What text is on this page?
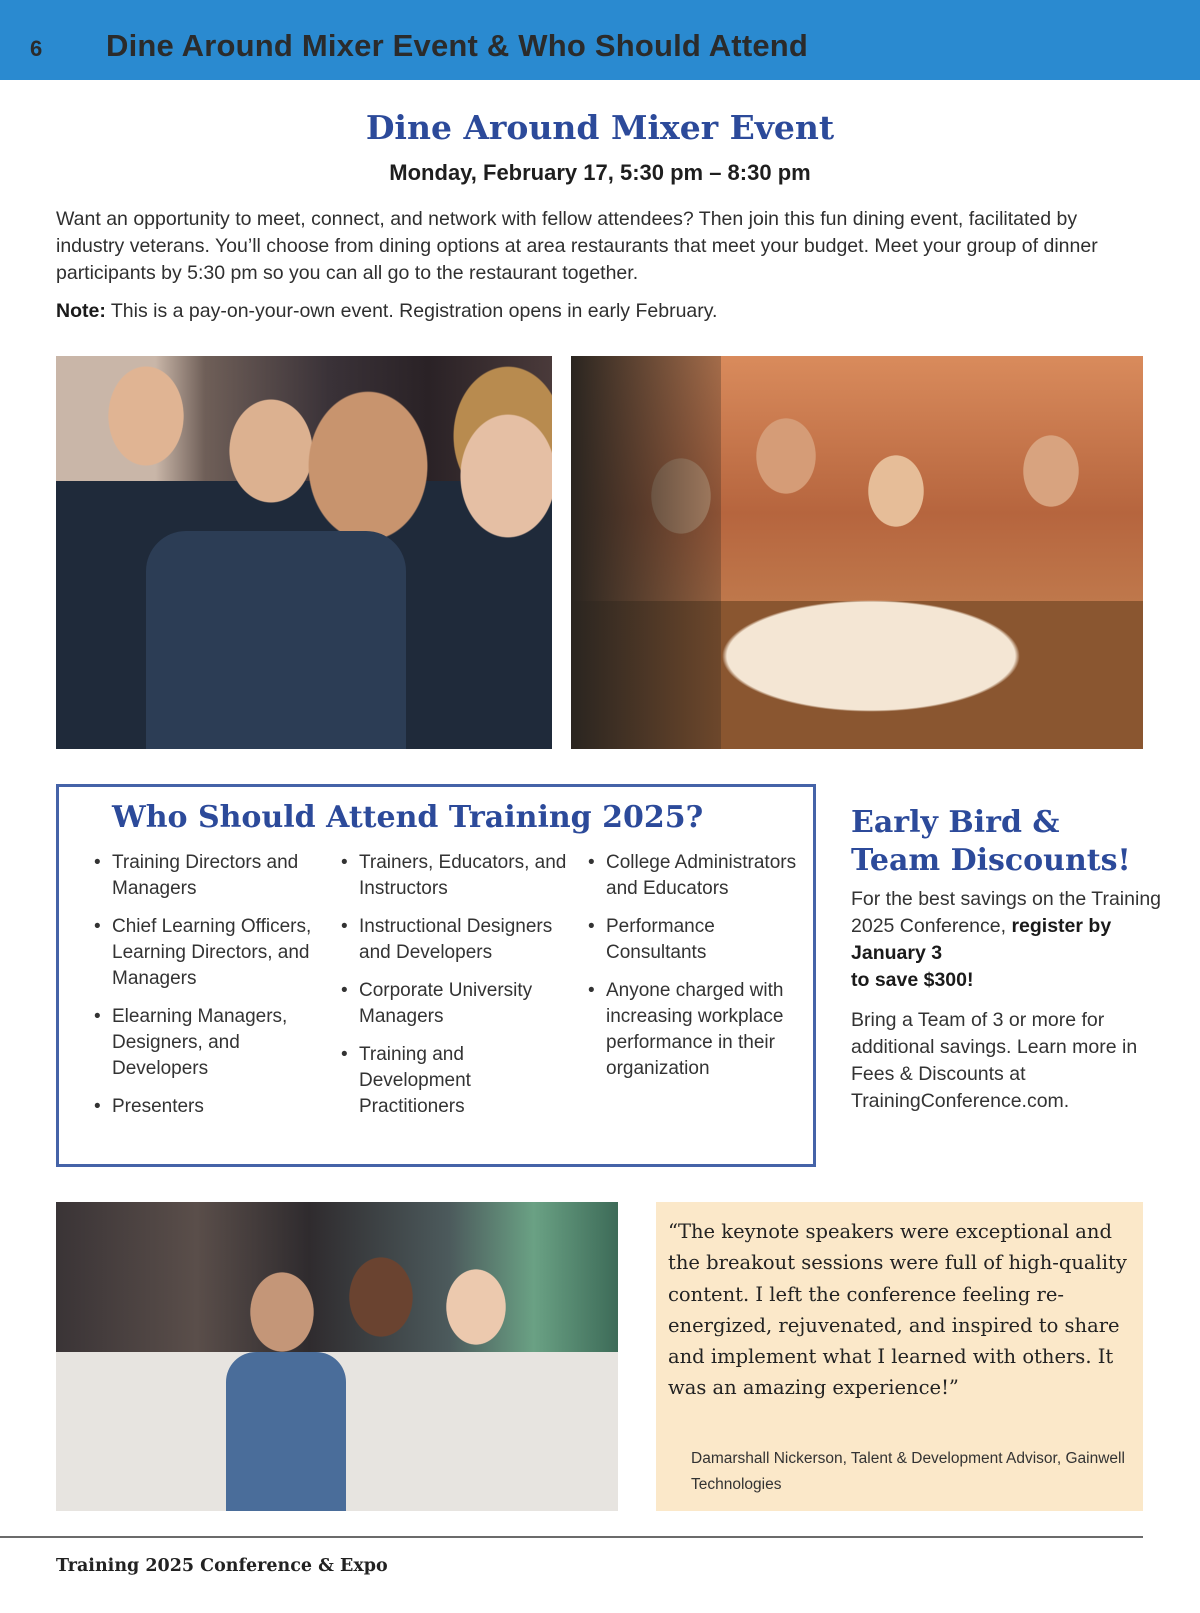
6 Dine Around Mixer Event & Who Should Attend
Dine Around Mixer Event
Monday, February 17, 5:30 pm – 8:30 pm
Want an opportunity to meet, connect, and network with fellow attendees? Then join this fun dining event, facilitated by industry veterans. You’ll choose from dining options at area restaurants that meet your budget. Meet your group of dinner participants by 5:30 pm so you can all go to the restaurant together.
Note: This is a pay-on-your-own event. Registration opens in early February.
Who Should Attend Training 2025?
• Training Directors and Managers
• Chief Learning Officers, Learning Directors, and Managers
• Elearning Managers, Designers, and Developers
• Presenters
• Trainers, Educators, and Instructors
• Instructional Designers and Developers
• Corporate University Managers
• Training and Development Practitioners
• College Administrators and Educators
• Performance Consultants
• Anyone charged with increasing workplace performance in their organization
Early Bird &
Team Discounts!
For the best savings on the Training 2025 Conference, register by January 3
to save $300!
Bring a Team of 3 or more for additional savings. Learn more in Fees & Discounts at TrainingConference.com.
“The keynote speakers were exceptional and the breakout sessions were full of high-quality content. I left the conference feeling re-energized, rejuvenated, and inspired to share and implement what I learned with others. It was an amazing experience!”
Damarshall Nickerson, Talent & Development Advisor, Gainwell Technologies
Training 2025 Conference & Expo
